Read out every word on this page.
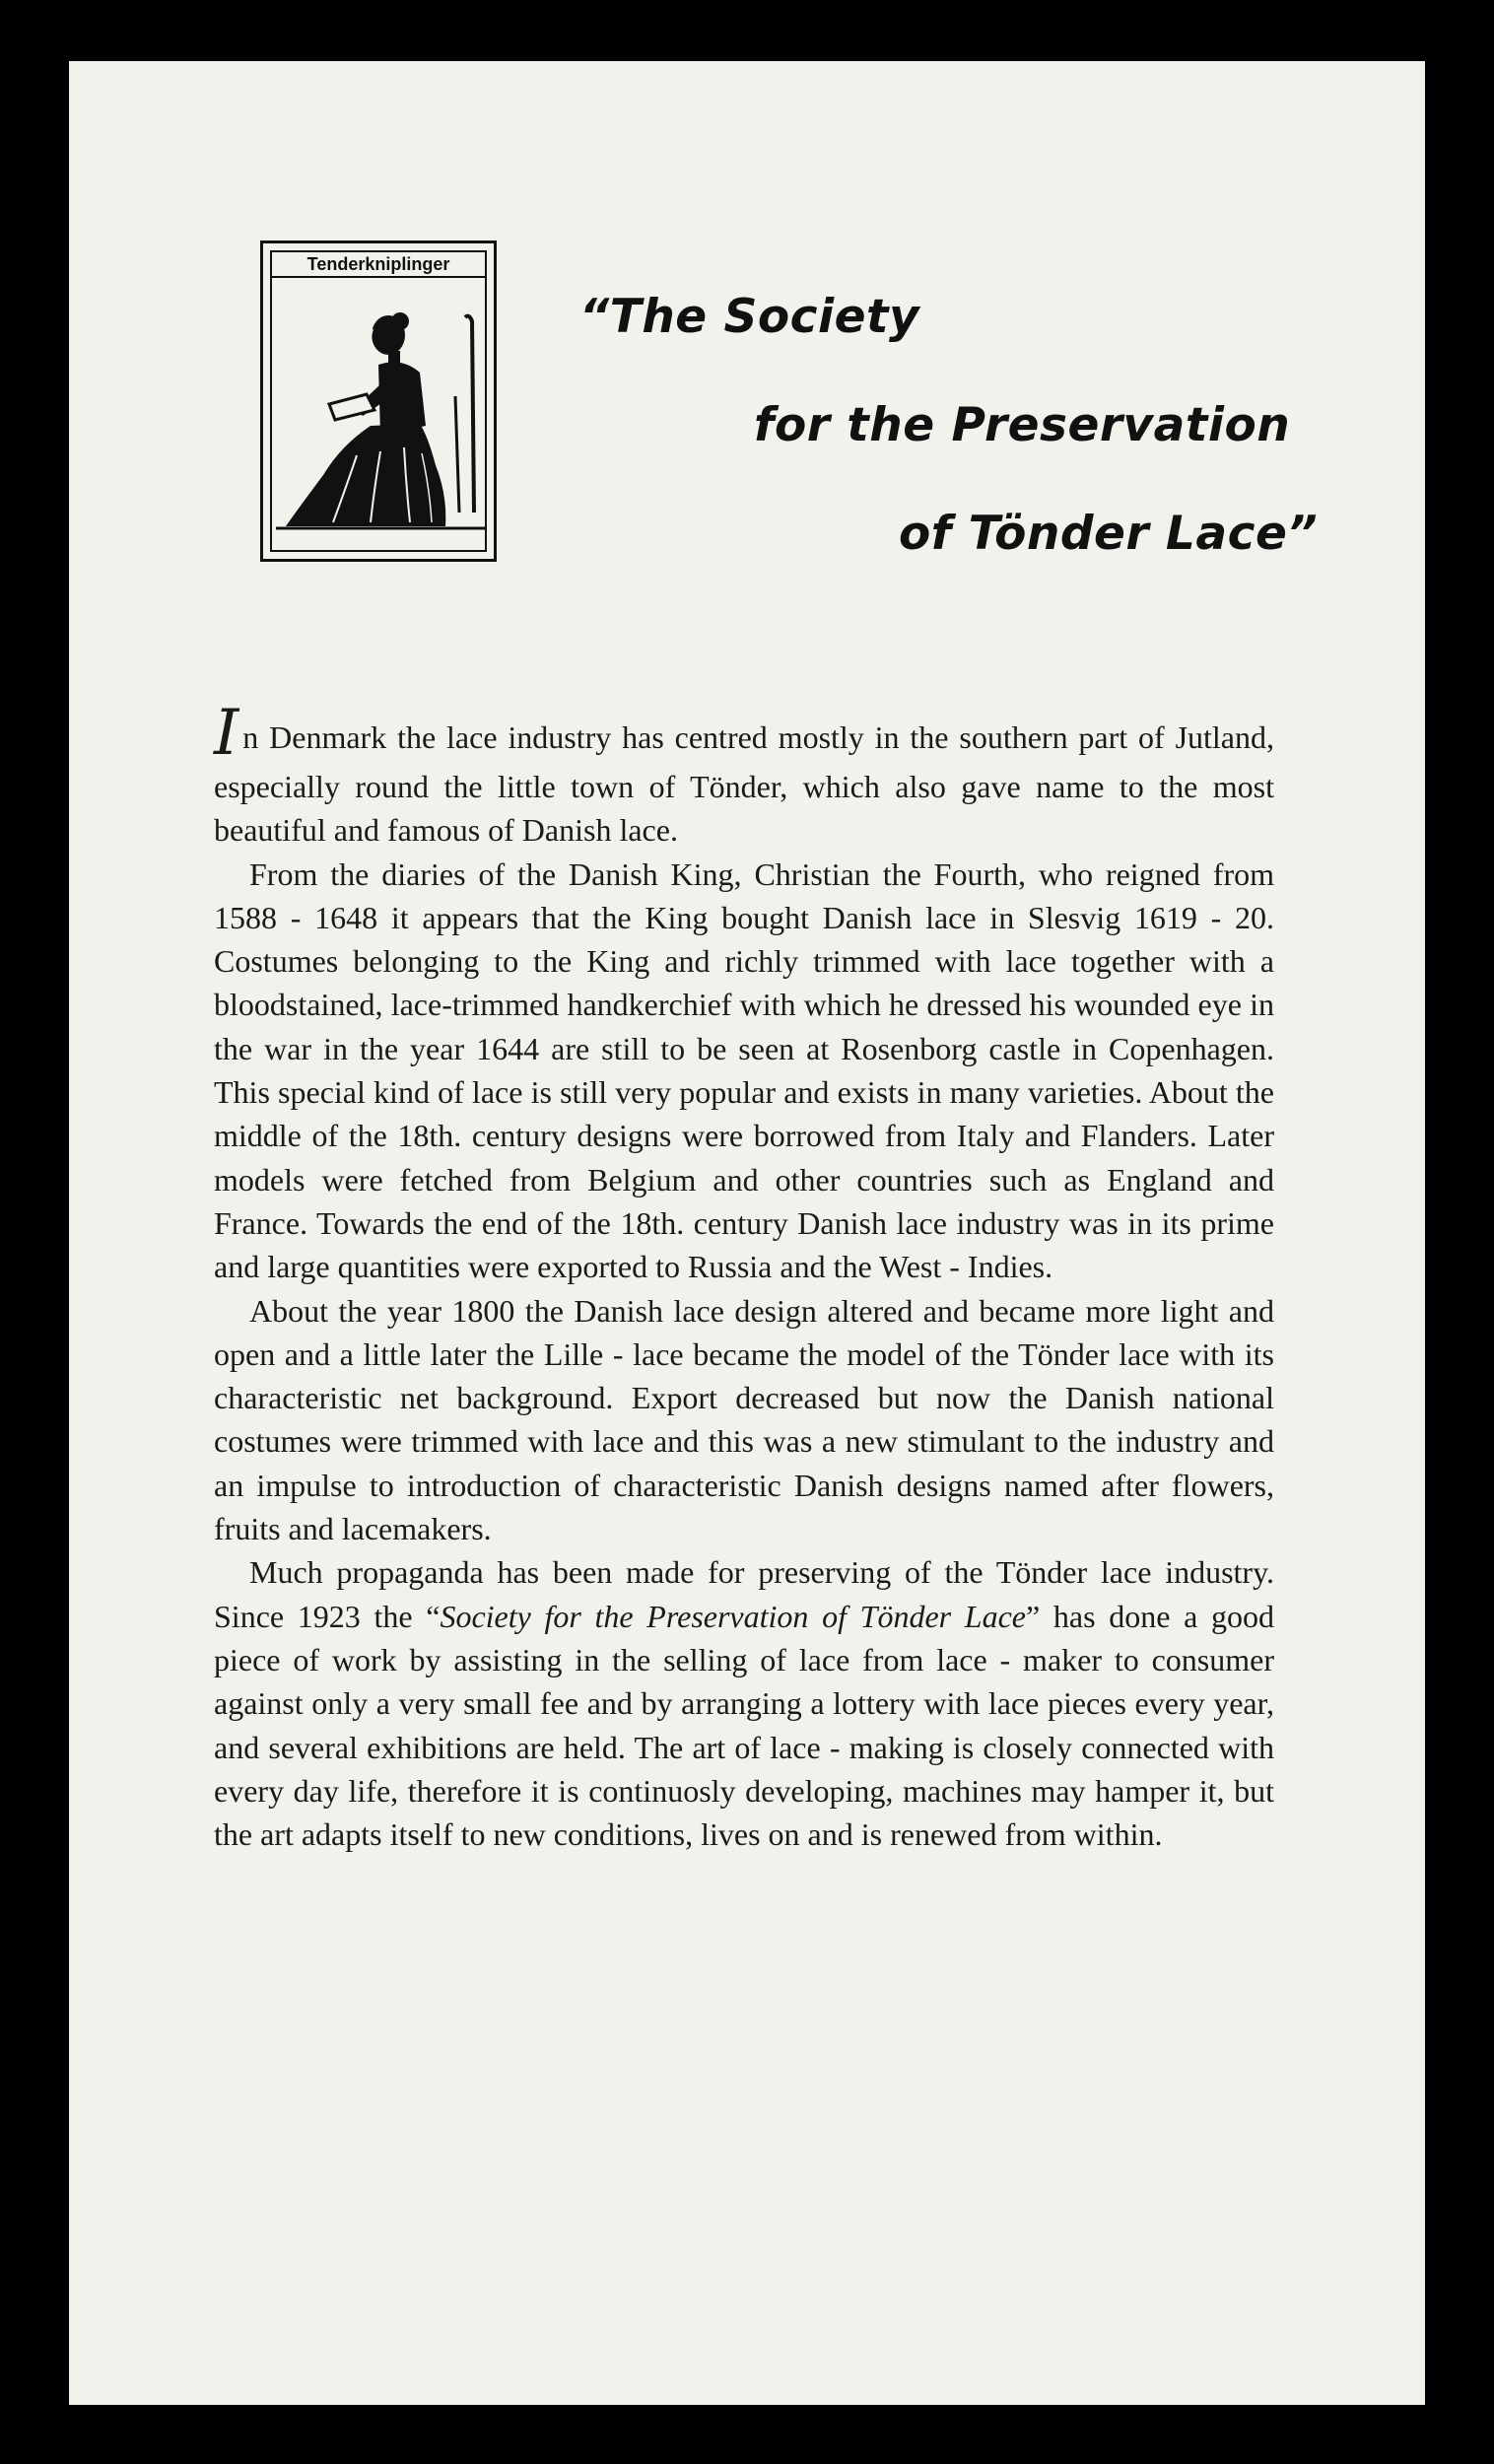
Tenderkniplinger
“The Society
for the Preservation
of Tönder Lace”

In Denmark the lace industry has centred mostly in the southern part of Jutland, especially round the little town of Tönder, which also gave name to the most beautiful and famous of Danish lace.

From the diaries of the Danish King, Christian the Fourth, who reigned from 1588 - 1648 it appears that the King bought Danish lace in Slesvig 1619 - 20. Costumes belonging to the King and richly trimmed with lace together with a bloodstained, lace-trimmed handkerchief with which he dressed his wounded eye in the war in the year 1644 are still to be seen at Rosenborg castle in Copenhagen. This special kind of lace is still very popular and exists in many varieties. About the middle of the 18th. century designs were borrowed from Italy and Flanders. Later models were fetched from Belgium and other countries such as England and France. Towards the end of the 18th. century Danish lace industry was in its prime and large quantities were exported to Russia and the West - Indies.

About the year 1800 the Danish lace design altered and became more light and open and a little later the Lille - lace became the model of the Tönder lace with its characteristic net background. Export decreased but now the Danish national costumes were trimmed with lace and this was a new stimulant to the industry and an impulse to introduction of characteristic Danish designs named after flowers, fruits and lacemakers.

Much propaganda has been made for preserving of the Tönder lace industry. Since 1923 the “Society for the Preservation of Tönder Lace” has done a good piece of work by assisting in the selling of lace from lace - maker to consumer against only a very small fee and by arranging a lottery with lace pieces every year, and several exhibitions are held. The art of lace - making is closely connected with every day life, therefore it is continuosly developing, machines may hamper it, but the art adapts itself to new conditions, lives on and is renewed from within.
